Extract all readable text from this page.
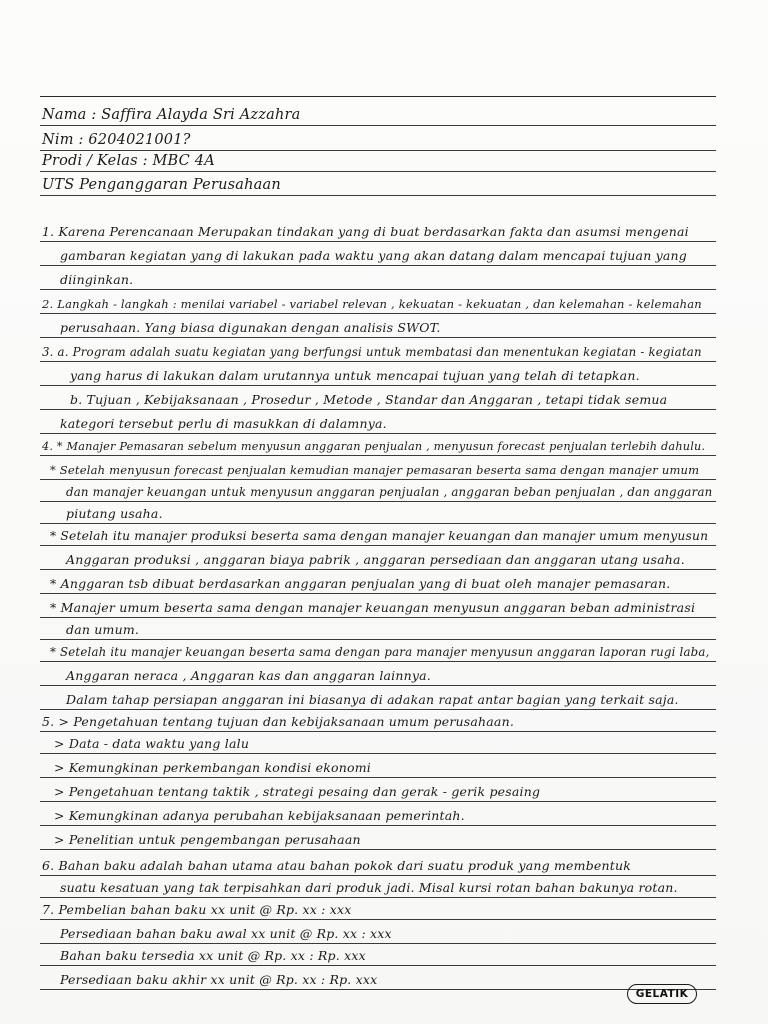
Nama : Saffira Alayda Sri Azzahra
Nim : 6204021001?
Prodi / Kelas : MBC 4A
UTS Penganggaran Perusahaan
1. Karena Perencanaan Merupakan tindakan yang di buat berdasarkan fakta dan asumsi mengenai
gambaran kegiatan yang di lakukan pada waktu yang akan datang dalam mencapai tujuan yang
diinginkan.
2. Langkah - langkah : menilai variabel - variabel relevan , kekuatan - kekuatan , dan kelemahan - kelemahan
perusahaan. Yang biasa digunakan dengan analisis SWOT.
3. a. Program adalah suatu kegiatan yang berfungsi untuk membatasi dan menentukan kegiatan - kegiatan
yang harus di lakukan dalam urutannya untuk mencapai tujuan yang telah di tetapkan.
b. Tujuan , Kebijaksanaan , Prosedur , Metode , Standar dan Anggaran , tetapi tidak semua
kategori tersebut perlu di masukkan di dalamnya.
4. * Manajer Pemasaran sebelum menyusun anggaran penjualan , menyusun forecast penjualan terlebih dahulu.
* Setelah menyusun forecast penjualan kemudian manajer pemasaran beserta sama dengan manajer umum
dan manajer keuangan untuk menyusun anggaran penjualan , anggaran beban penjualan , dan anggaran
piutang usaha.
* Setelah itu manajer produksi beserta sama dengan manajer keuangan dan manajer umum menyusun
Anggaran produksi , anggaran biaya pabrik , anggaran persediaan dan anggaran utang usaha.
* Anggaran tsb dibuat berdasarkan anggaran penjualan yang di buat oleh manajer pemasaran.
* Manajer umum beserta sama dengan manajer keuangan menyusun anggaran beban administrasi
dan umum.
* Setelah itu manajer keuangan beserta sama dengan para manajer menyusun anggaran laporan rugi laba,
Anggaran neraca , Anggaran kas dan anggaran lainnya.
Dalam tahap persiapan anggaran ini biasanya di adakan rapat antar bagian yang terkait saja.
5. > Pengetahuan tentang tujuan dan kebijaksanaan umum perusahaan.
> Data - data waktu yang lalu
> Kemungkinan perkembangan kondisi ekonomi
> Pengetahuan tentang taktik , strategi pesaing dan gerak - gerik pesaing
> Kemungkinan adanya perubahan kebijaksanaan pemerintah.
> Penelitian untuk pengembangan perusahaan
6. Bahan baku adalah bahan utama atau bahan pokok dari suatu produk yang membentuk
suatu kesatuan yang tak terpisahkan dari produk jadi. Misal kursi rotan bahan bakunya rotan.
7. Pembelian bahan baku xx unit @ Rp. xx : xxx
Persediaan bahan baku awal xx unit @ Rp. xx : xxx
Bahan baku tersedia xx unit @ Rp. xx : Rp. xxx
Persediaan baku akhir xx unit @ Rp. xx : Rp. xxx
GELATIK
